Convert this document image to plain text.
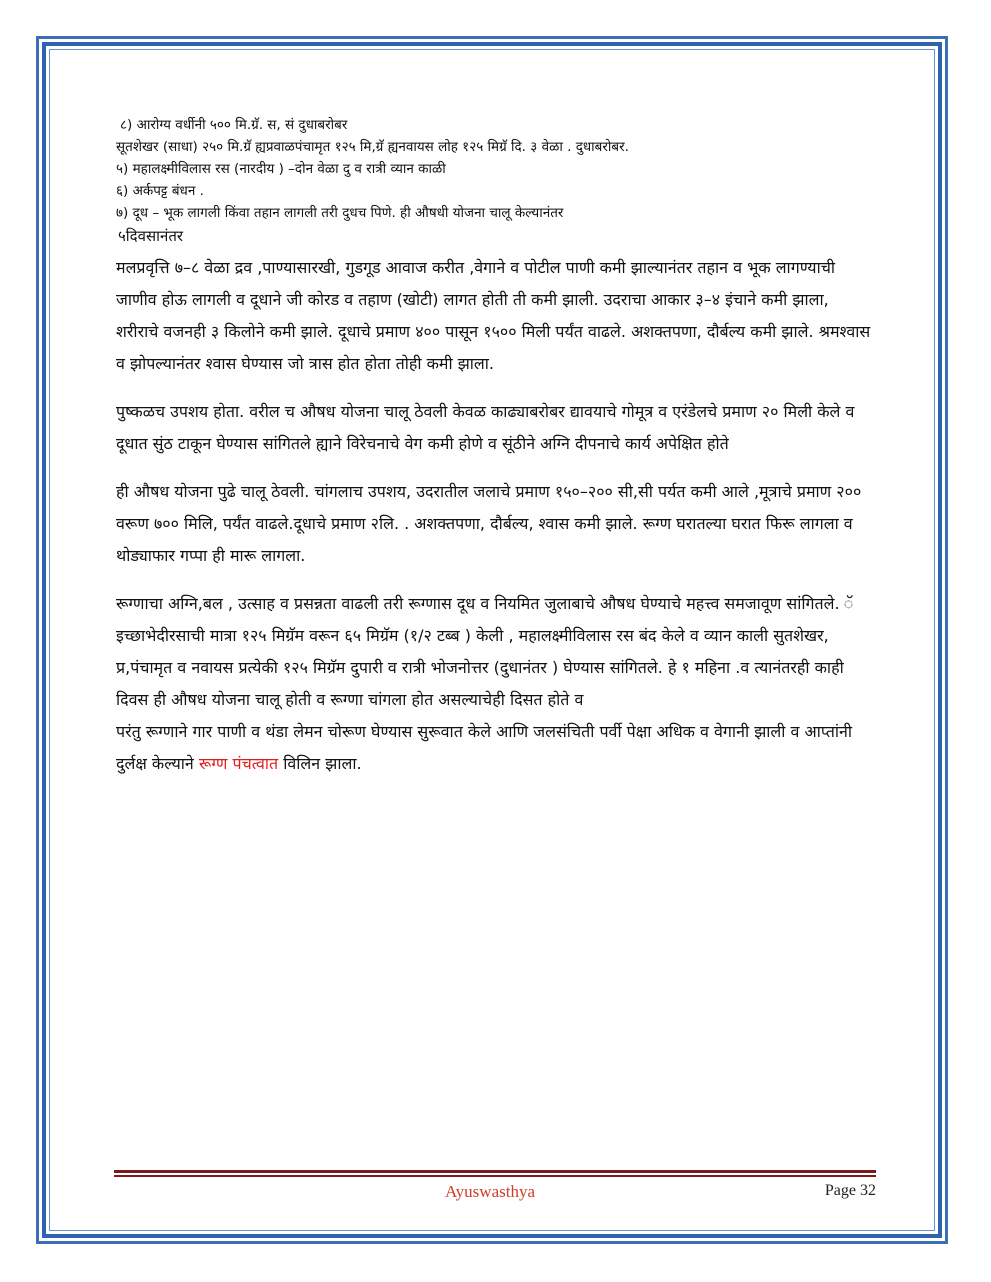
८) आरोग्य वर्धीनी ५०० मि.ग्रॅ. स, सं दुधाबरोबर
सूतशेखर (साधा) २५० मि.ग्रॅ ह्यप्रवाळपंचामृत १२५ मि,ग्रॅ ह्यनवायस लोह १२५ मिग्रॅ दि. ३ वेळा . दुधाबरोबर.
५) महालक्ष्मीविलास रस (नारदीय ) –दोन वेळा दु व रात्री व्यान काळी
६) अर्कपट्ट बंधन .
७) दूध – भूक लागली किंवा तहान लागली तरी दुधच पिणे. ही औषधी योजना चालू केल्यानंतर
५दिवसानंतर

मलप्रवृत्ति ७–८ वेळा द्रव ,पाण्यासारखी, गुडगूड आवाज करीत ,वेगाने व पोटील पाणी कमी झाल्यानंतर तहान व भूक लागण्याची जाणीव होऊ लागली व दूधाने जी कोरड व तहाण (खोटी) लागत होती ती कमी झाली. उदराचा आकार ३–४ इंचाने कमी झाला, शरीराचे वजनही ३ किलोने कमी झाले. दूधाचे प्रमाण ४०० पासून १५०० मिली पर्यंत वाढले. अशक्तपणा, दौर्बल्य कमी झाले. श्रमश्वास व झोपल्यानंतर श्वास घेण्यास जो त्रास होत होता तोही कमी झाला.

पुष्कळच उपशय होता. वरील च औषध योजना चालू ठेवली केवळ काढ्याबरोबर द्यावयाचे गोमूत्र व एरंडेलचे प्रमाण २० मिली केले व दूधात सुंठ टाकून घेण्यास सांगितले ह्याने विरेचनाचे वेग कमी होणे व सूंठीने अग्नि दीपनाचे कार्य अपेक्षित होते

ही औषध योजना पुढे चालू ठेवली. चांगलाच उपशय, उदरातील जलाचे प्रमाण १५०–२०० सी,सी पर्यत कमी आले ,मूत्राचे प्रमाण २०० वरूण ७०० मिलि, पर्यंत वाढले.दूधाचे प्रमाण २लि. . अशक्तपणा, दौर्बल्य, श्वास कमी झाले. रूग्ण घरातल्या घरात फिरू लागला व थोड्याफार गप्पा ही मारू लागला.

रूग्णाचा अग्नि,बल , उत्साह व प्रसन्नता वाढली तरी रूग्णास दूध व नियमित जुलाबाचे औषध घेण्याचे महत्त्व समजावूण सांगितले. ॅ इच्छाभेदीरसाची मात्रा १२५ मिग्रॅम वरून ६५ मिग्रॅम (१/२ टब्ब ) केली , महालक्ष्मीविलास रस बंद केले व व्यान काली सुतशेखर, प्र,पंचामृत व नवायस प्रत्येकी १२५ मिग्रॅम दुपारी व रात्री भोजनोत्तर (दुधानंतर ) घेण्यास सांगितले. हे १ महिना .व त्यानंतरही काही दिवस ही औषध योजना चालू होती व रूग्णा चांगला होत असल्याचेही दिसत होते व

परंतु रूग्णाने गार पाणी व थंडा लेमन चोरूण घेण्यास सुरूवात केले आणि जलसंचिती पर्वी पेक्षा अधिक व वेगानी झाली व आप्तांनी दुर्लक्ष केल्याने रूग्ण पंचत्वात विलिन झाला.

Ayuswasthya	Page 32
